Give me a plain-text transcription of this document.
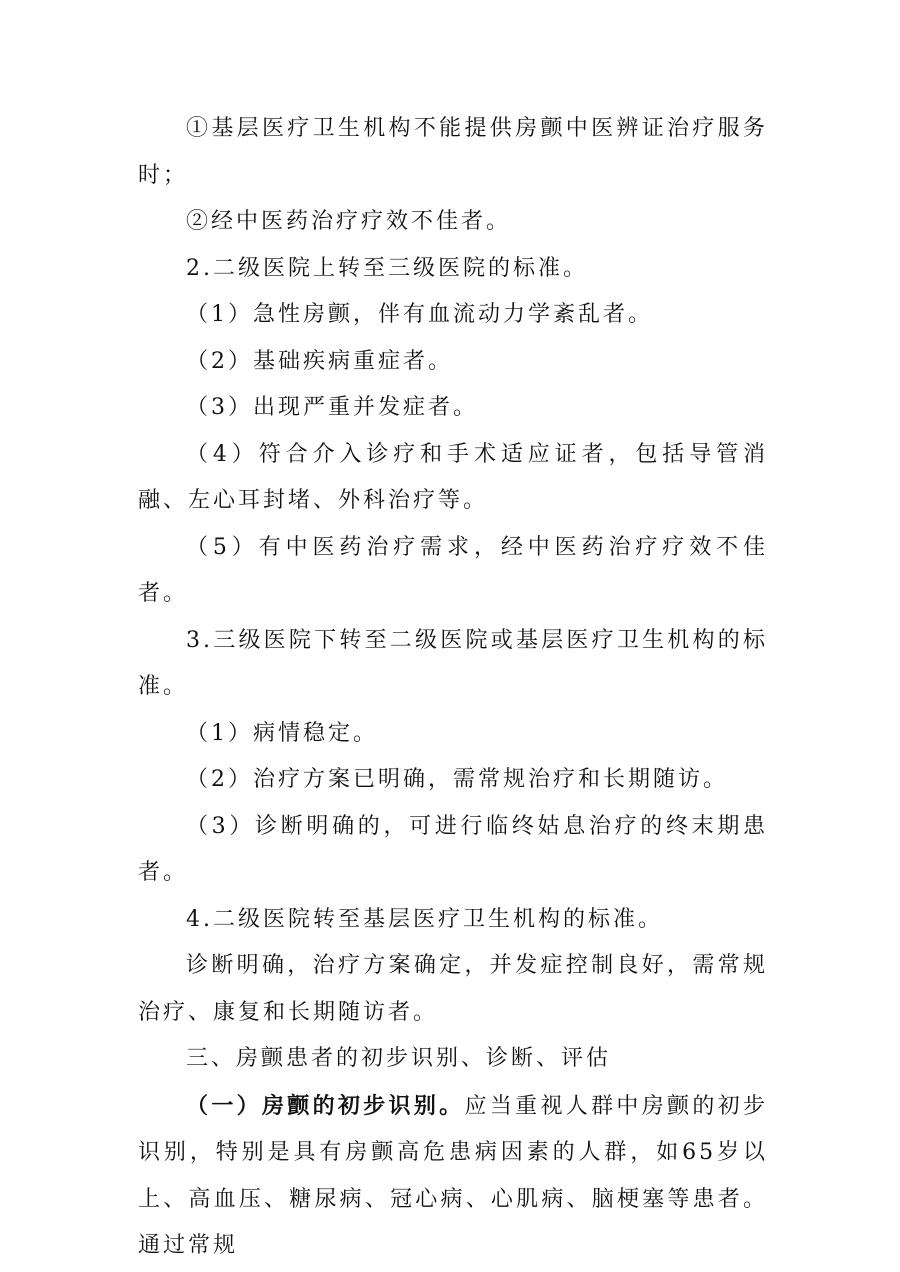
①基层医疗卫生机构不能提供房颤中医辨证治疗服务时；

②经中医药治疗疗效不佳者。

2.二级医院上转至三级医院的标准。

（1）急性房颤，伴有血流动力学紊乱者。

（2）基础疾病重症者。

（3）出现严重并发症者。

（4）符合介入诊疗和手术适应证者，包括导管消融、左心耳封堵、外科治疗等。

（5）有中医药治疗需求，经中医药治疗疗效不佳者。

3.三级医院下转至二级医院或基层医疗卫生机构的标准。

（1）病情稳定。

（2）治疗方案已明确，需常规治疗和长期随访。

（3）诊断明确的，可进行临终姑息治疗的终末期患者。

4.二级医院转至基层医疗卫生机构的标准。

诊断明确，治疗方案确定，并发症控制良好，需常规治疗、康复和长期随访者。

三、房颤患者的初步识别、诊断、评估

（一）房颤的初步识别。应当重视人群中房颤的初步识别，特别是具有房颤高危患病因素的人群，如65岁以上、高血压、糖尿病、冠心病、心肌病、脑梗塞等患者。通过常规
